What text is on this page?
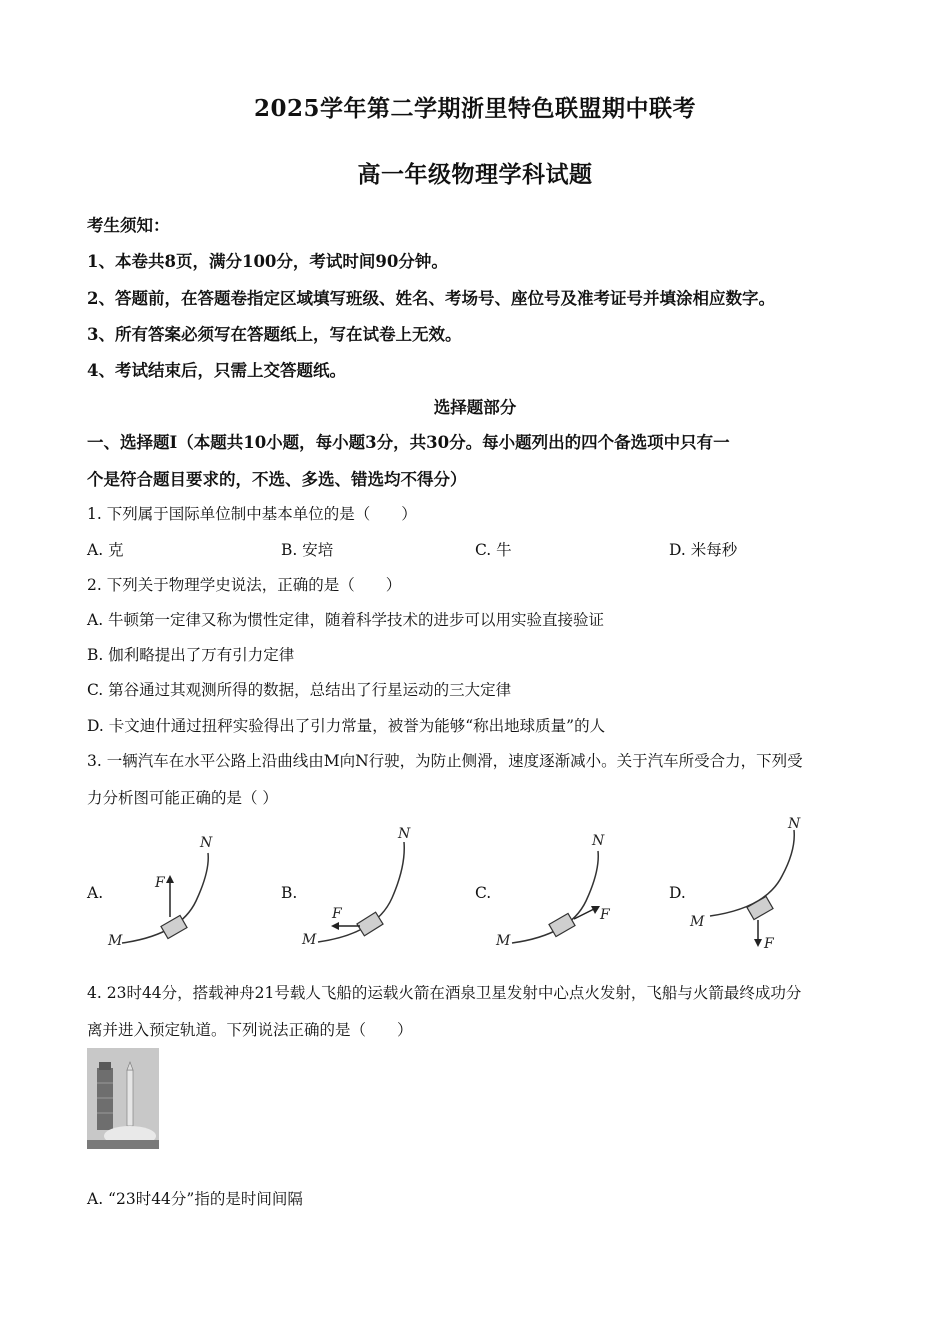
2025学年第二学期浙里特色联盟期中联考
高一年级物理学科试题
考生须知：
1、本卷共8页，满分100分，考试时间90分钟。
2、答题前，在答题卷指定区域填写班级、姓名、考场号、座位号及准考证号并填涂相应数字。
3、所有答案必须写在答题纸上，写在试卷上无效。
4、考试结束后，只需上交答题纸。
选择题部分
一、选择题Ⅰ（本题共10小题，每小题3分，共30分。每小题列出的四个备选项中只有一
个是符合题目要求的，不选、多选、错选均不得分）
1. 下列属于国际单位制中基本单位的是（　　）
A. 克	B. 安培	C. 牛	D. 米每秒
2. 下列关于物理学史说法，正确的是（　　）
A. 牛顿第一定律又称为惯性定律，随着科学技术的进步可以用实验直接验证
B. 伽利略提出了万有引力定律
C. 第谷通过其观测所得的数据，总结出了行星运动的三大定律
D. 卡文迪什通过扭秤实验得出了引力常量，被誉为能够“称出地球质量”的人
3. 一辆汽车在水平公路上沿曲线由M向N行驶，为防止侧滑，速度逐渐减小。关于汽车所受合力，下列受
力分析图可能正确的是（ ）
A.
F
M
N
B.
F
M
N
C.
F
M
N
D.
F
M
N
4. 23时44分，搭载神舟21号载人飞船的运载火箭在酒泉卫星发射中心点火发射，飞船与火箭最终成功分
离并进入预定轨道。下列说法正确的是（　　）
A. “23时44分”指的是时间间隔
